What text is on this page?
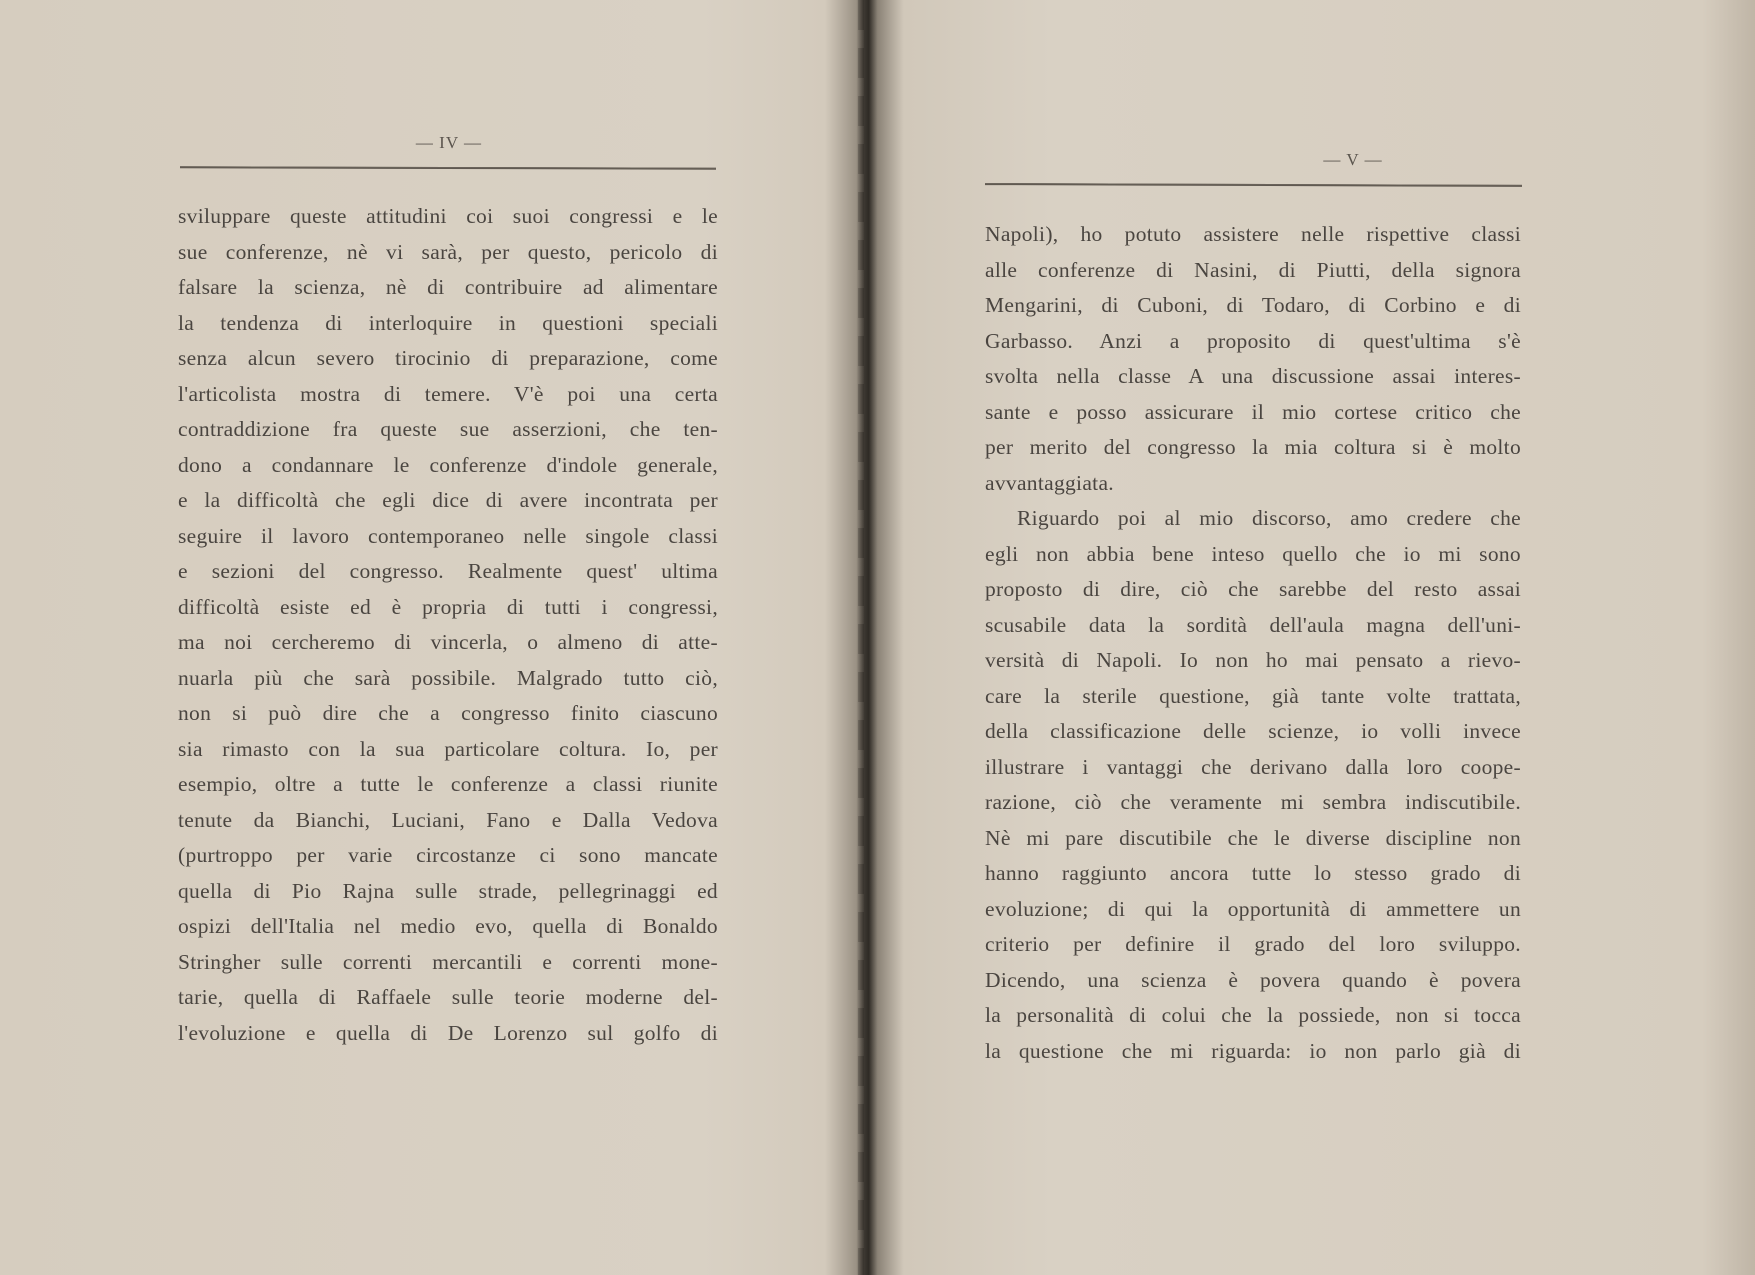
— IV —
sviluppare queste attitudini coi suoi congressi e le
sue conferenze, nè vi sarà, per questo, pericolo di
falsare la scienza, nè di contribuire ad alimentare
la tendenza di interloquire in questioni speciali
senza alcun severo tirocinio di preparazione, come
l'articolista mostra di temere. V'è poi una certa
contraddizione fra queste sue asserzioni, che ten-
dono a condannare le conferenze d'indole generale,
e la difficoltà che egli dice di avere incontrata per
seguire il lavoro contemporaneo nelle singole classi
e sezioni del congresso. Realmente quest' ultima
difficoltà esiste ed è propria di tutti i congressi,
ma noi cercheremo di vincerla, o almeno di atte-
nuarla più che sarà possibile. Malgrado tutto ciò,
non si può dire che a congresso finito ciascuno
sia rimasto con la sua particolare coltura. Io, per
esempio, oltre a tutte le conferenze a classi riunite
tenute da Bianchi, Luciani, Fano e Dalla Vedova
(purtroppo per varie circostanze ci sono mancate
quella di Pio Rajna sulle strade, pellegrinaggi ed
ospizi dell'Italia nel medio evo, quella di Bonaldo
Stringher sulle correnti mercantili e correnti mone-
tarie, quella di Raffaele sulle teorie moderne del-
l'evoluzione e quella di De Lorenzo sul golfo di
— V —
Napoli), ho potuto assistere nelle rispettive classi
alle conferenze di Nasini, di Piutti, della signora
Mengarini, di Cuboni, di Todaro, di Corbino e di
Garbasso. Anzi a proposito di quest'ultima s'è
svolta nella classe A una discussione assai interes-
sante e posso assicurare il mio cortese critico che
per merito del congresso la mia coltura si è molto
avvantaggiata.
Riguardo poi al mio discorso, amo credere che
egli non abbia bene inteso quello che io mi sono
proposto di dire, ciò che sarebbe del resto assai
scusabile data la sordità dell'aula magna dell'uni-
versità di Napoli. Io non ho mai pensato a rievo-
care la sterile questione, già tante volte trattata,
della classificazione delle scienze, io volli invece
illustrare i vantaggi che derivano dalla loro coope-
razione, ciò che veramente mi sembra indiscutibile.
Nè mi pare discutibile che le diverse discipline non
hanno raggiunto ancora tutte lo stesso grado di
evoluzione; di qui la opportunità di ammettere un
criterio per definire il grado del loro sviluppo.
Dicendo, una scienza è povera quando è povera
la personalità di colui che la possiede, non si tocca
la questione che mi riguarda: io non parlo già di
